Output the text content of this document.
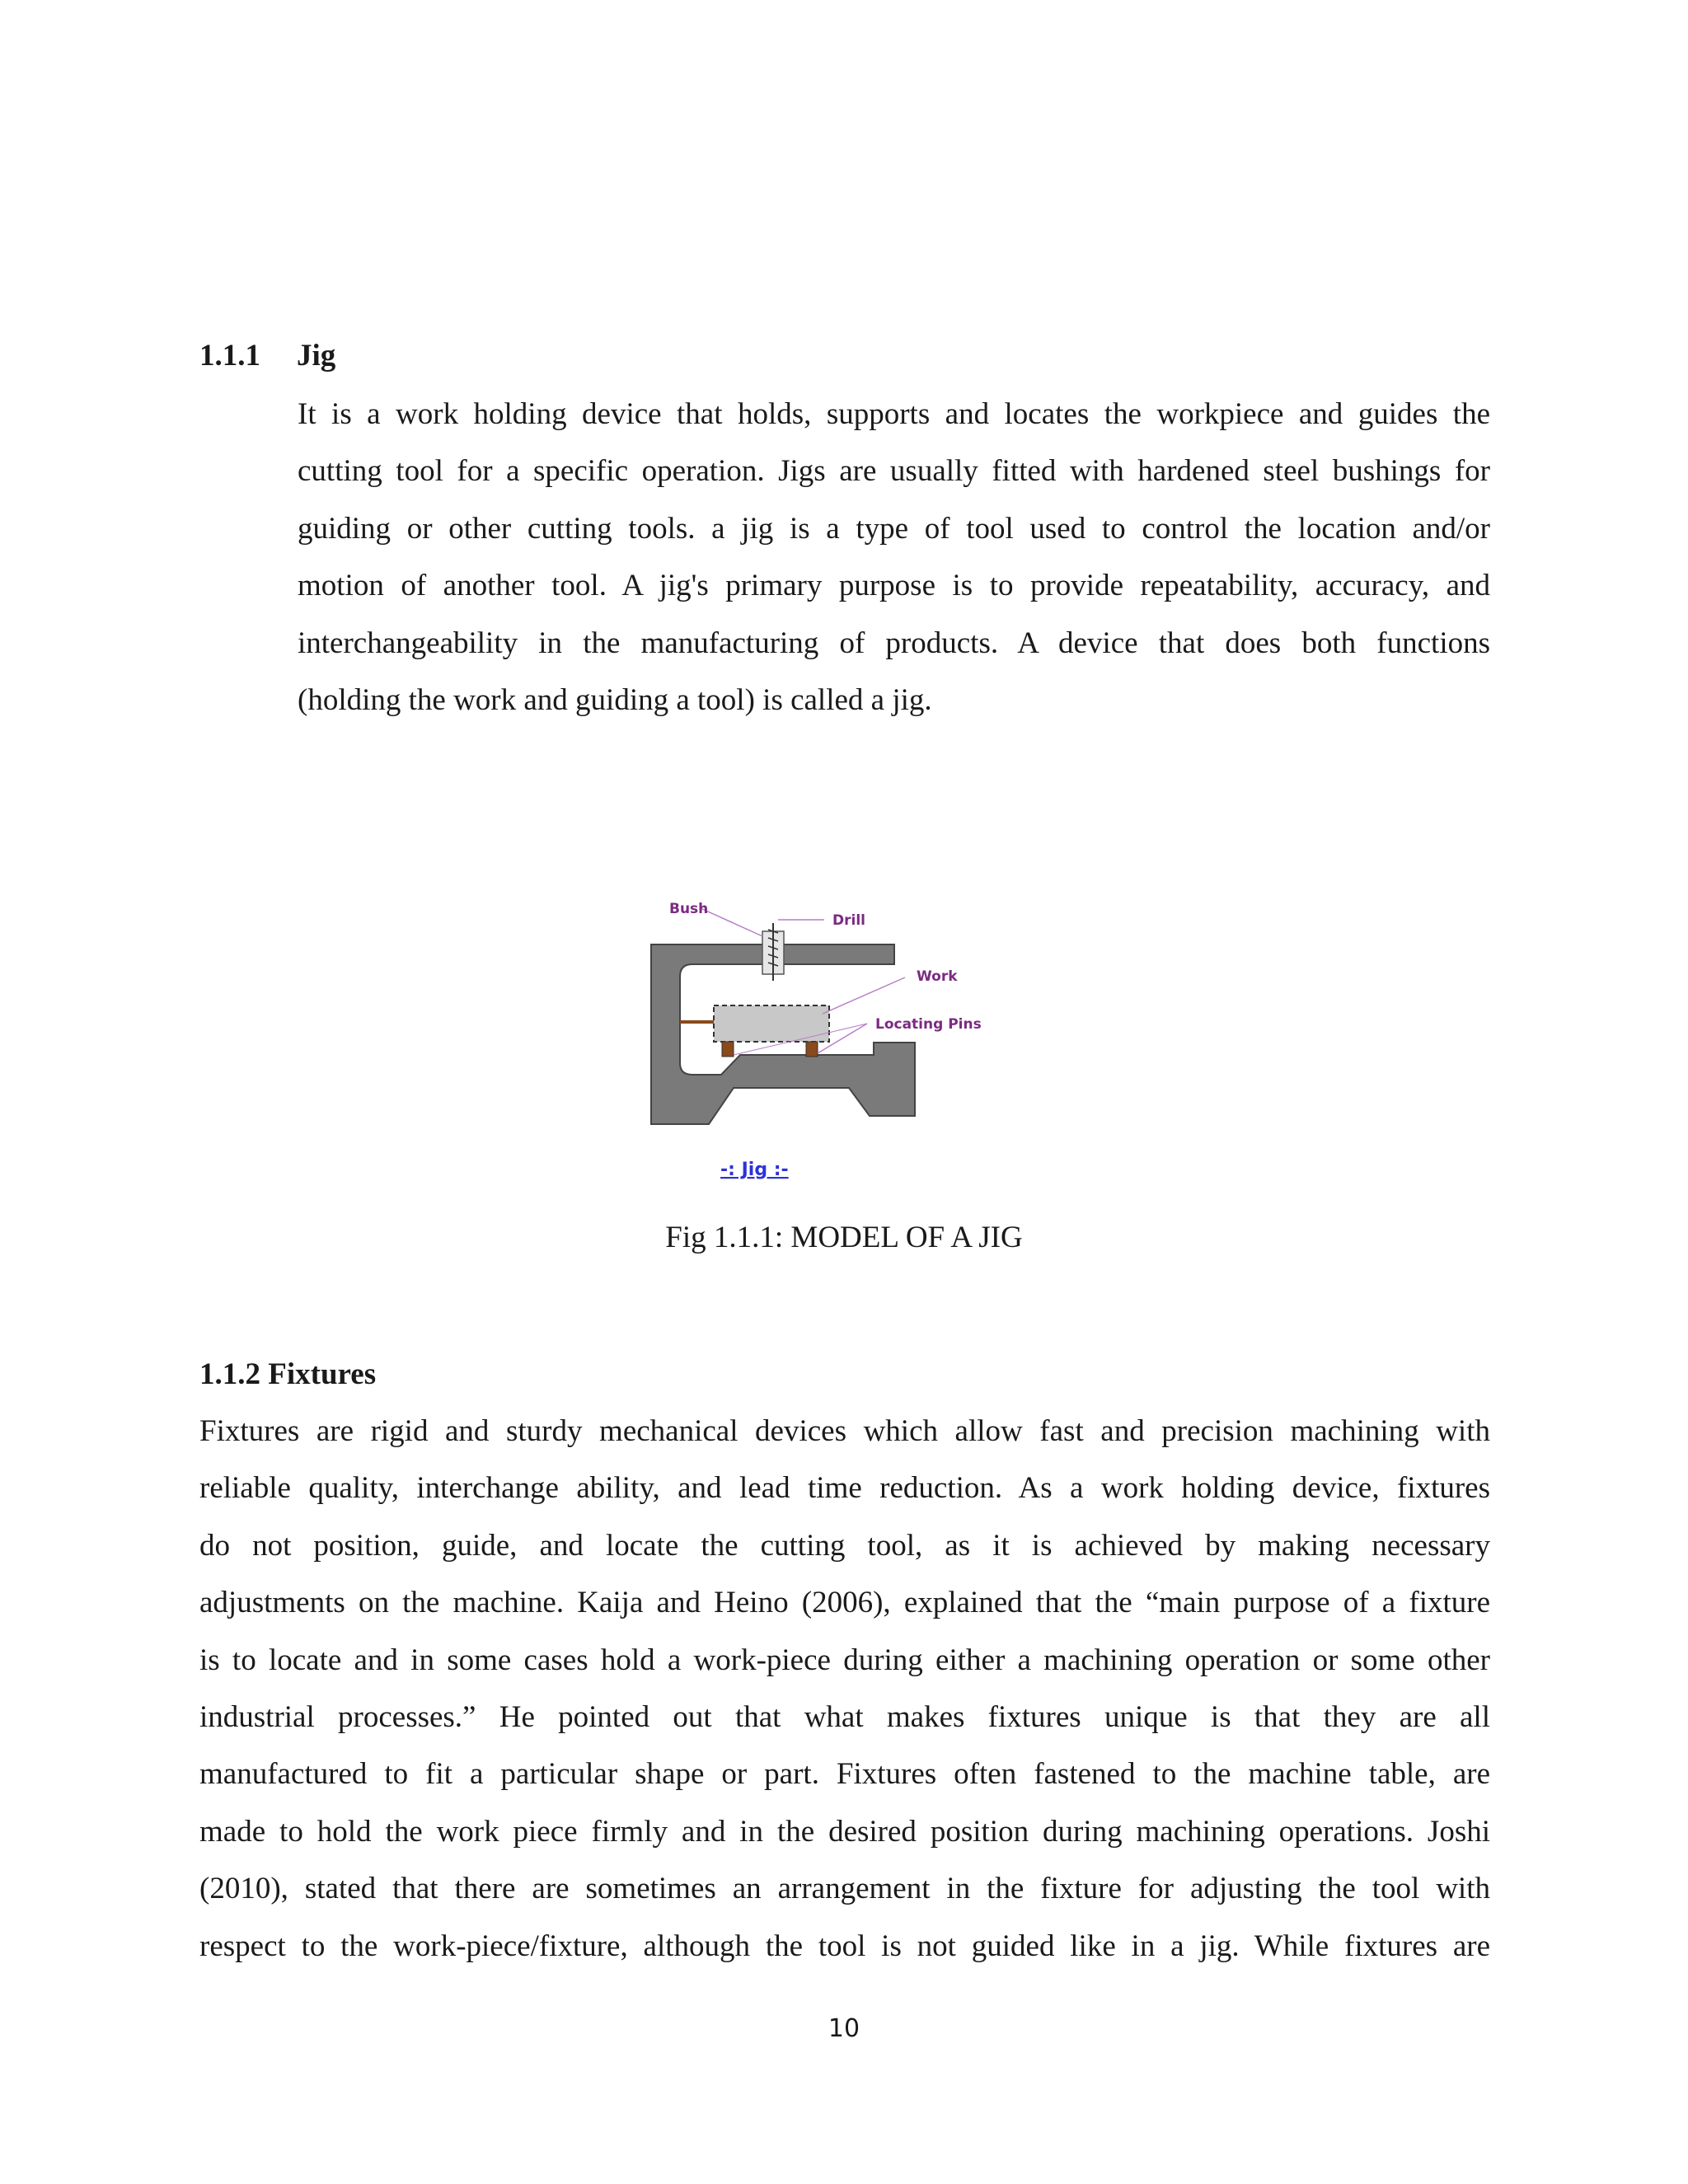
1.1.1 Jig
It is a work holding device that holds, supports and locates the workpiece and guides the
cutting tool for a specific operation. Jigs are usually fitted with hardened steel bushings for
guiding or other cutting tools. a jig is a type of tool used to control the location and/or
motion of another tool. A jig's primary purpose is to provide repeatability, accuracy, and
interchangeability in the manufacturing of products. A device that does both functions
(holding the work and guiding a tool) is called a jig.
Bush
Drill
Work
Locating Pins
-: Jig :-
Fig 1.1.1: MODEL OF A JIG
1.1.2 Fixtures
Fixtures are rigid and sturdy mechanical devices which allow fast and precision machining with
reliable quality, interchange ability, and lead time reduction. As a work holding device, fixtures
do not position, guide, and locate the cutting tool, as it is achieved by making necessary
adjustments on the machine. Kaija and Heino (2006), explained that the “main purpose of a fixture
is to locate and in some cases hold a work-piece during either a machining operation or some other
industrial processes.” He pointed out that what makes fixtures unique is that they are all
manufactured to fit a particular shape or part. Fixtures often fastened to the machine table, are
made to hold the work piece firmly and in the desired position during machining operations. Joshi
(2010), stated that there are sometimes an arrangement in the fixture for adjusting the tool with
respect to the work-piece/fixture, although the tool is not guided like in a jig. While fixtures are
10
